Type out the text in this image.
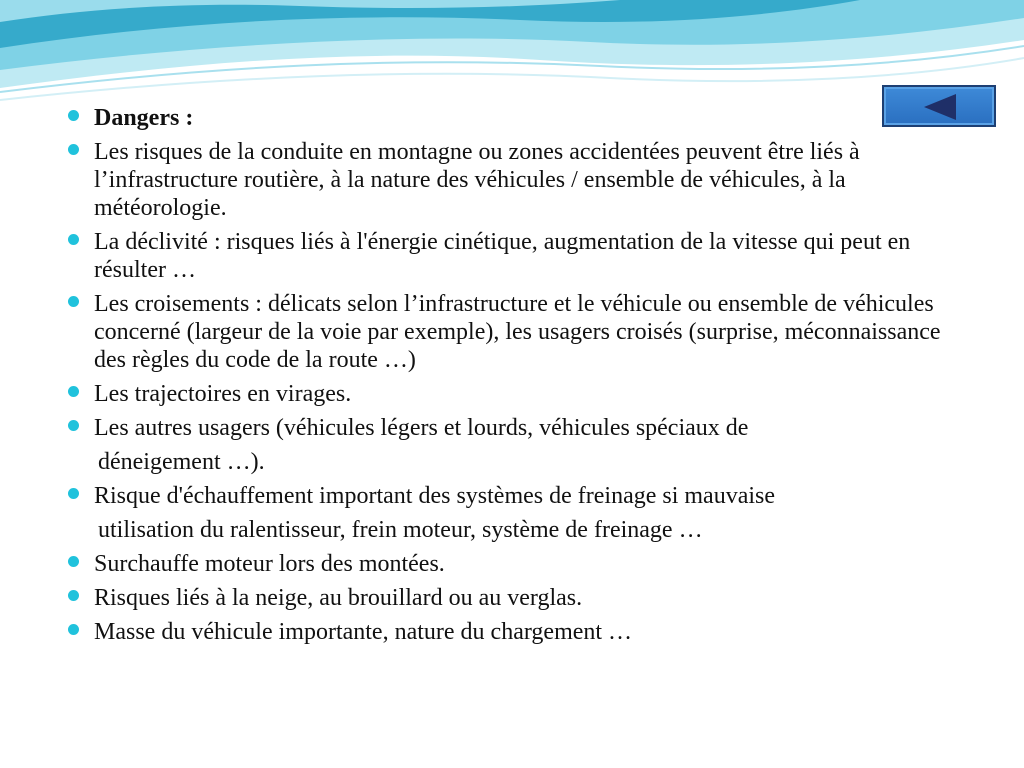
Dangers :
Les risques de la conduite en montagne ou zones accidentées peuvent être liés à l’infrastructure routière, à la nature des véhicules / ensemble de véhicules, à la météorologie.
La déclivité : risques liés à l'énergie cinétique, augmentation de la vitesse qui peut en résulter …
Les croisements : délicats selon l’infrastructure et le véhicule ou ensemble de véhicules concerné (largeur de la voie par exemple), les usagers croisés (surprise, méconnaissance des règles du code de la route …)
Les trajectoires en virages.
Les autres usagers (véhicules légers et lourds, véhicules spéciaux de
déneigement …).
Risque d'échauffement important des systèmes de freinage si mauvaise
utilisation du ralentisseur, frein moteur, système de freinage …
Surchauffe moteur lors des montées.
Risques liés à la neige, au brouillard ou au verglas.
Masse du véhicule importante, nature du chargement …
